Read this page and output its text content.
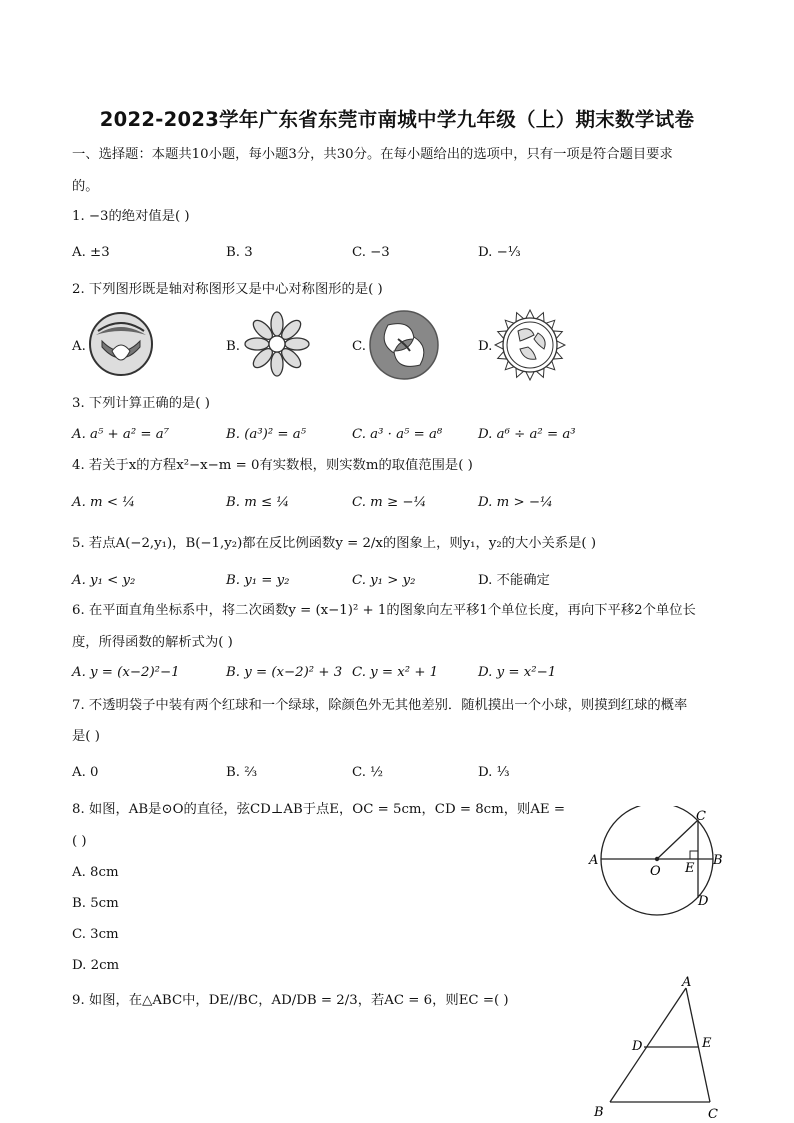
2022-2023学年广东省东莞市南城中学九年级（上）期末数学试卷
一、选择题：本题共10小题，每小题3分，共30分。在每小题给出的选项中，只有一项是符合题目要求
的。
1. −3的绝对值是( )
A. ±3	B. 3	C. −3	D. −⅓
2. 下列图形既是轴对称图形又是中心对称图形的是( )
A.	B.	C.	D.
3. 下列计算正确的是( )
A. a⁵ + a² = a⁷	B. (a³)² = a⁵	C. a³ · a⁵ = a⁸	D. a⁶ ÷ a² = a³
4. 若关于x的方程x²−x−m = 0有实数根，则实数m的取值范围是( )
A. m < ¼	B. m ≤ ¼	C. m ≥ −¼	D. m > −¼
5. 若点A(−2,y₁)，B(−1,y₂)都在反比例函数y = 2/x的图象上，则y₁，y₂的大小关系是( )
A. y₁ < y₂	B. y₁ = y₂	C. y₁ > y₂	D. 不能确定
6. 在平面直角坐标系中，将二次函数y = (x−1)² + 1的图象向左平移1个单位长度，再向下平移2个单位长
度，所得函数的解析式为( )
A. y = (x−2)²−1	B. y = (x−2)² + 3 C. y = x² + 1	D. y = x²−1
7. 不透明袋子中装有两个红球和一个绿球，除颜色外无其他差别．随机摸出一个小球，则摸到红球的概率
是( )
A. 0	B. ⅔	C. ½	D. ⅓
8. 如图，AB是⊙O的直径，弦CD⊥AB于点E，OC = 5cm，CD = 8cm，则AE =
( )
A. 8cm
B. 5cm
C. 3cm
D. 2cm
A	B
C
D
O E
9. 如图，在△ABC中，DE//BC，AD/DB = 2/3，若AC = 6，则EC =( )
A
B	C
D	E
